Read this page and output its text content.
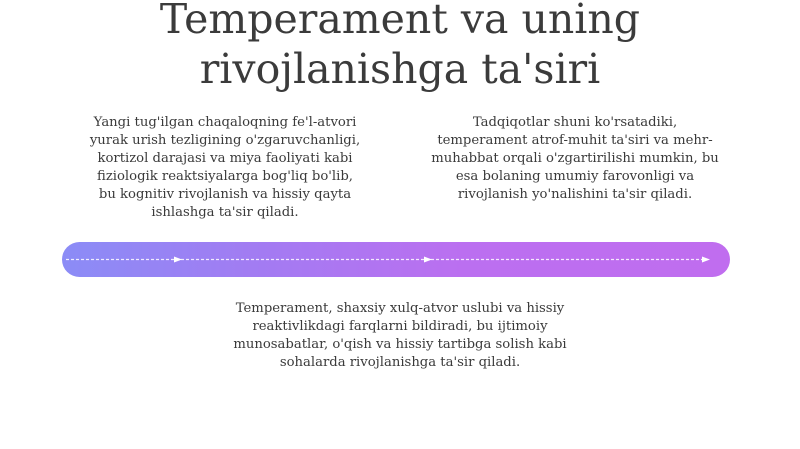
Temperament va uning
rivojlanishga ta'siri
Yangi tug'ilgan chaqaloqning fe'l-atvori
yurak urish tezligining o'zgaruvchanligi,
kortizol darajasi va miya faoliyati kabi
fiziologik reaktsiyalarga bog'liq bo'lib,
bu kognitiv rivojlanish va hissiy qayta
ishlashga ta'sir qiladi.
Tadqiqotlar shuni ko'rsatadiki,
temperament atrof-muhit ta'siri va mehr-
muhabbat orqali o'zgartirilishi mumkin, bu
esa bolaning umumiy farovonligi va
rivojlanish yo'nalishini ta'sir qiladi.
Temperament, shaxsiy xulq-atvor uslubi va hissiy
reaktivlikdagi farqlarni bildiradi, bu ijtimoiy
munosabatlar, o'qish va hissiy tartibga solish kabi
sohalarda rivojlanishga ta'sir qiladi.
